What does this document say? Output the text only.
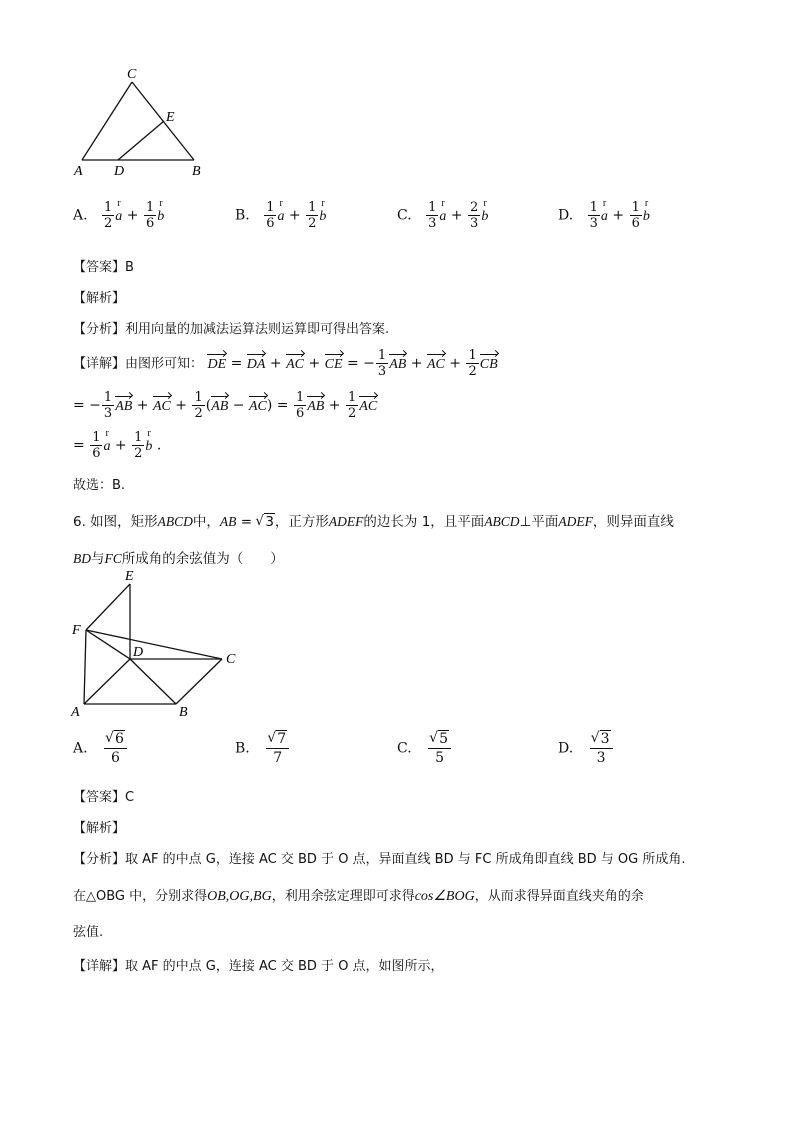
C
E
A D	B
A. $\frac{1}{2}$ r $a + \frac{1}{6}$ r b	B. $\frac{1}{6}$ r $a + \frac{1}{2}$ r b	C. $\frac{1}{3}$ r $a + \frac{2}{3}$ r b	D. $\frac{1}{3}$ r $a + \frac{1}{6}$ r b
【答案】B
【解析】
【分析】利用向量的加减法运算法则运算即可得出答案.
【详解】由图形可知： DE = DA + AC + CE = − $\frac{1}{3}$ AB + AC + $\frac{1}{2}$ CB
= − $\frac{1}{3}$ AB + AC + $\frac{1}{2} (AB - AC) = \frac{1}{6}$ AB + $\frac{1}{2}$ AC
= $\frac{1}{6}$ r $a + \frac{1}{2}$ r b .
故选：B.
6. 如图，矩形ABCD中，AB = √ 3，正方形ADEF的边长为 1，且平面ABCD⊥平面ADEF，则异面直线
BD与FC所成角的余弦值为（　　）
E
F
D	C
A	B
A. √ $\frac{6}{6}$	B. √ $\frac{7}{7}$	C. √ $\frac{5}{5}$	D. √ $\frac{3}{3}$
【答案】C
【解析】
【分析】取 AF 的中点 G，连接 AC 交 BD 于 O 点，异面直线 BD 与 FC 所成角即直线 BD 与 OG 所成角.
在△OBG 中，分别求得OB,OG,BG，利用余弦定理即可求得cos∠BOG，从而求得异面直线夹角的余
弦值.
【详解】取 AF 的中点 G，连接 AC 交 BD 于 O 点，如图所示，
